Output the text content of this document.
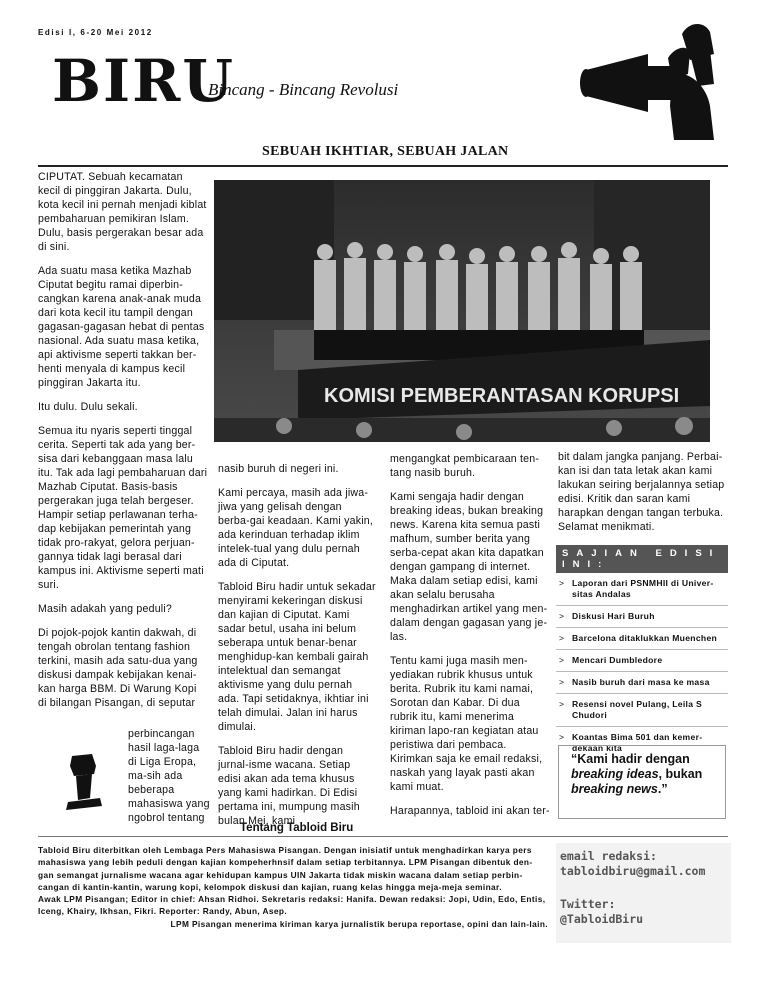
Edisi I, 6-20 Mei 2012
BIRU
Bincang - Bincang Revolusi
SEBUAH IKHTIAR, SEBUAH JALAN
KOMISI PEMBERANTASAN KORUPSI

CIPUTAT. Sebuah kecamatan kecil di pinggiran Jakarta. Dulu, kota kecil ini pernah menjadi kiblat pembaharuan pemikiran Islam. Dulu, basis pergerakan besar ada di sini.

Ada suatu masa ketika Mazhab Ciputat begitu ramai diperbin-cangkan karena anak-anak muda dari kota kecil itu tampil dengan gagasan-gagasan hebat di pentas nasional. Ada suatu masa ketika, api aktivisme seperti takkan ber-henti menyala di kampus kecil pinggiran Jakarta itu.

Itu dulu. Dulu sekali.

Semua itu nyaris seperti tinggal cerita. Seperti tak ada yang ber-sisa dari kebanggaan masa lalu itu. Tak ada lagi pembaharuan dari Mazhab Ciputat. Basis-basis pergerakan juga telah bergeser. Hampir setiap perlawanan terha-dap kebijakan pemerintah yang tidak pro-rakyat, gelora perjuan-gannya tidak lagi berasal dari kampus ini. Aktivisme seperti mati suri.

Masih adakah yang peduli?

Di pojok-pojok kantin dakwah, di tengah obrolan tentang fashion terkini, masih ada satu-dua yang diskusi dampak kebijakan kenai-kan harga BBM. Di Warung Kopi di bilangan Pisangan, di seputar

perbincangan hasil laga-laga di Liga Eropa, ma-sih ada beberapa mahasiswa yang ngobrol tentang

nasib buruh di negeri ini.

Kami percaya, masih ada jiwa-jiwa yang gelisah dengan berba-gai keadaan. Kami yakin, ada kerinduan terhadap iklim intelek-tual yang dulu pernah ada di Ciputat.

Tabloid Biru hadir untuk sekadar menyirami kekeringan diskusi dan kajian di Ciputat. Kami sadar betul, usaha ini belum seberapa untuk benar-benar menghidup-kan kembali gairah intelektual dan semangat aktivisme yang dulu pernah ada. Tapi setidaknya, ikhtiar ini telah dimulai. Jalan ini harus dimulai.

Tabloid Biru hadir dengan jurnal-isme wacana. Setiap edisi akan ada tema khusus yang kami hadirkan. Di Edisi pertama ini, mumpung masih bulan Mei, kami

mengangkat pembicaraan ten-tang nasib buruh.

Kami sengaja hadir dengan breaking ideas, bukan breaking news. Karena kita semua pasti mafhum, sumber berita yang serba-cepat akan kita dapatkan dengan gampang di internet. Maka dalam setiap edisi, kami akan selalu berusaha menghadirkan artikel yang men-dalam dengan gagasan yang je-las.

Tentu kami juga masih men-yediakan rubrik khusus untuk berita. Rubrik itu kami namai, Sorotan dan Kabar. Di dua rubrik itu, kami menerima kiriman lapo-ran kegiatan atau peristiwa dari pembaca. Kirimkan saja ke email redaksi, naskah yang layak pasti akan kami muat.

Harapannya, tabloid ini akan ter-

bit dalam jangka panjang. Perbai-kan isi dan tata letak akan kami lakukan seiring berjalannya setiap edisi. Kritik dan saran kami harapkan dengan tangan terbuka. Selamat menikmati.

SAJIAN EDISI INI:
> Laporan dari PSNMHII di Univer-sitas Andalas
> Diskusi Hari Buruh
> Barcelona ditaklukkan Muenchen
> Mencari Dumbledore
> Nasib buruh dari masa ke masa
> Resensi novel Pulang, Leila S Chudori
> Koantas Bima 501 dan kemer-dekaan kita
“Kami hadir dengan
breaking ideas, bukan
breaking news.”
Tentang Tabloid Biru

Tabloid Biru diterbitkan oleh Lembaga Pers Mahasiswa Pisangan. Dengan inisiatif untuk menghadirkan karya pers mahasiswa yang lebih peduli dengan kajian kompeherhnsif dalam setiap terbitannya. LPM Pisangan dibentuk den-gan semangat jurnalisme wacana agar kehidupan kampus UIN Jakarta tidak miskin wacana dalam setiap perbin-cangan di kantin-kantin, warung kopi, kelompok diskusi dan kajian, ruang kelas hingga meja-meja seminar.

Awak LPM Pisangan; Editor in chief: Ahsan Ridhoi. Sekretaris redaksi: Hanifa. Dewan redaksi: Jopi, Udin, Edo, Entis, Iceng, Khairy, Ikhsan, Fikri. Reporter: Randy, Abun, Asep.

LPM Pisangan menerima kiriman karya jurnalistik berupa reportase, opini dan lain-lain.

email redaksi:
tabloidbiru@gmail.com
Twitter:
@TabloidBiru
